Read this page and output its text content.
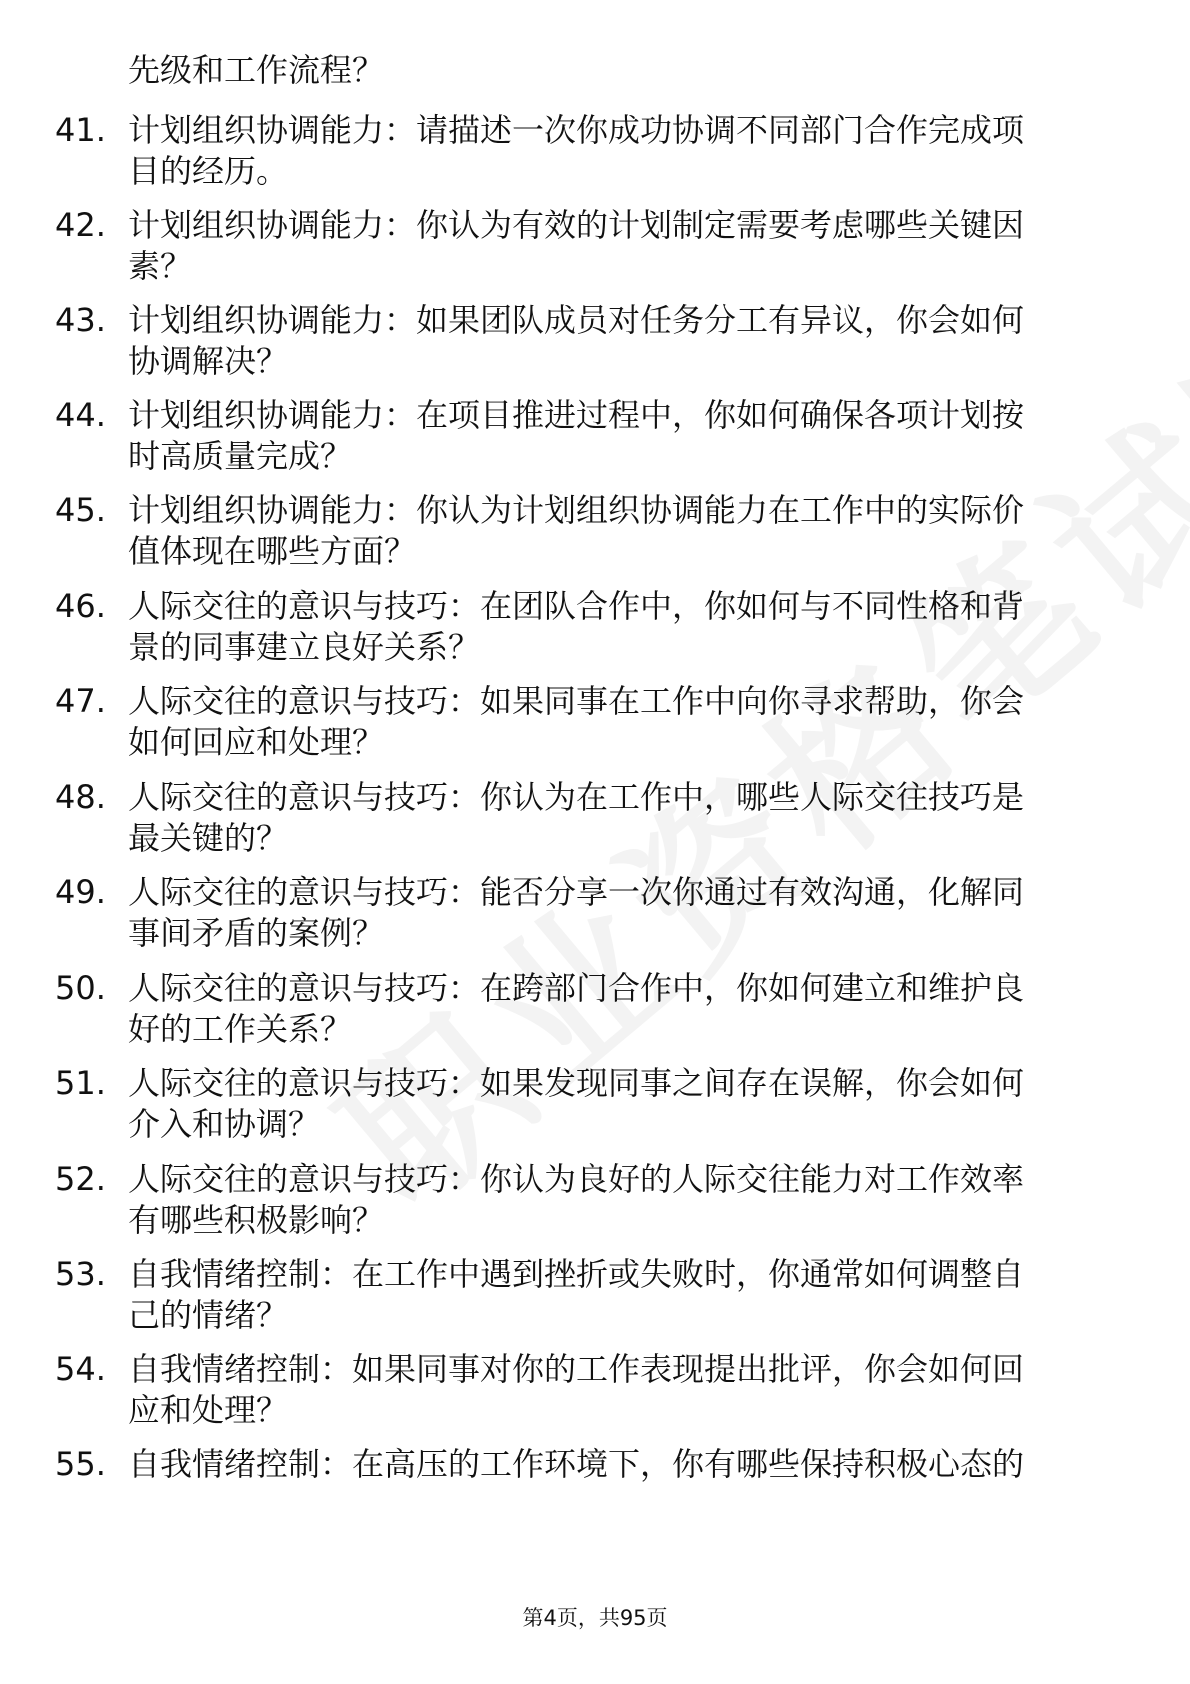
先级和工作流程？
41. 计划组织协调能力：请描述一次你成功协调不同部门合作完成项
目的经历。
42. 计划组织协调能力：你认为有效的计划制定需要考虑哪些关键因
素？
43. 计划组织协调能力：如果团队成员对任务分工有异议，你会如何
协调解决？
44. 计划组织协调能力：在项目推进过程中，你如何确保各项计划按
时高质量完成？
45. 计划组织协调能力：你认为计划组织协调能力在工作中的实际价
值体现在哪些方面？
46. 人际交往的意识与技巧：在团队合作中，你如何与不同性格和背
景的同事建立良好关系？
47. 人际交往的意识与技巧：如果同事在工作中向你寻求帮助，你会
如何回应和处理？
48. 人际交往的意识与技巧：你认为在工作中，哪些人际交往技巧是
最关键的？
49. 人际交往的意识与技巧：能否分享一次你通过有效沟通，化解同
事间矛盾的案例？
50. 人际交往的意识与技巧：在跨部门合作中，你如何建立和维护良
好的工作关系？
51. 人际交往的意识与技巧：如果发现同事之间存在误解，你会如何
介入和协调？
52. 人际交往的意识与技巧：你认为良好的人际交往能力对工作效率
有哪些积极影响？
53. 自我情绪控制：在工作中遇到挫折或失败时，你通常如何调整自
己的情绪？
54. 自我情绪控制：如果同事对你的工作表现提出批评，你会如何回
应和处理？
55. 自我情绪控制：在高压的工作环境下，你有哪些保持积极心态的
第4页，共95页
